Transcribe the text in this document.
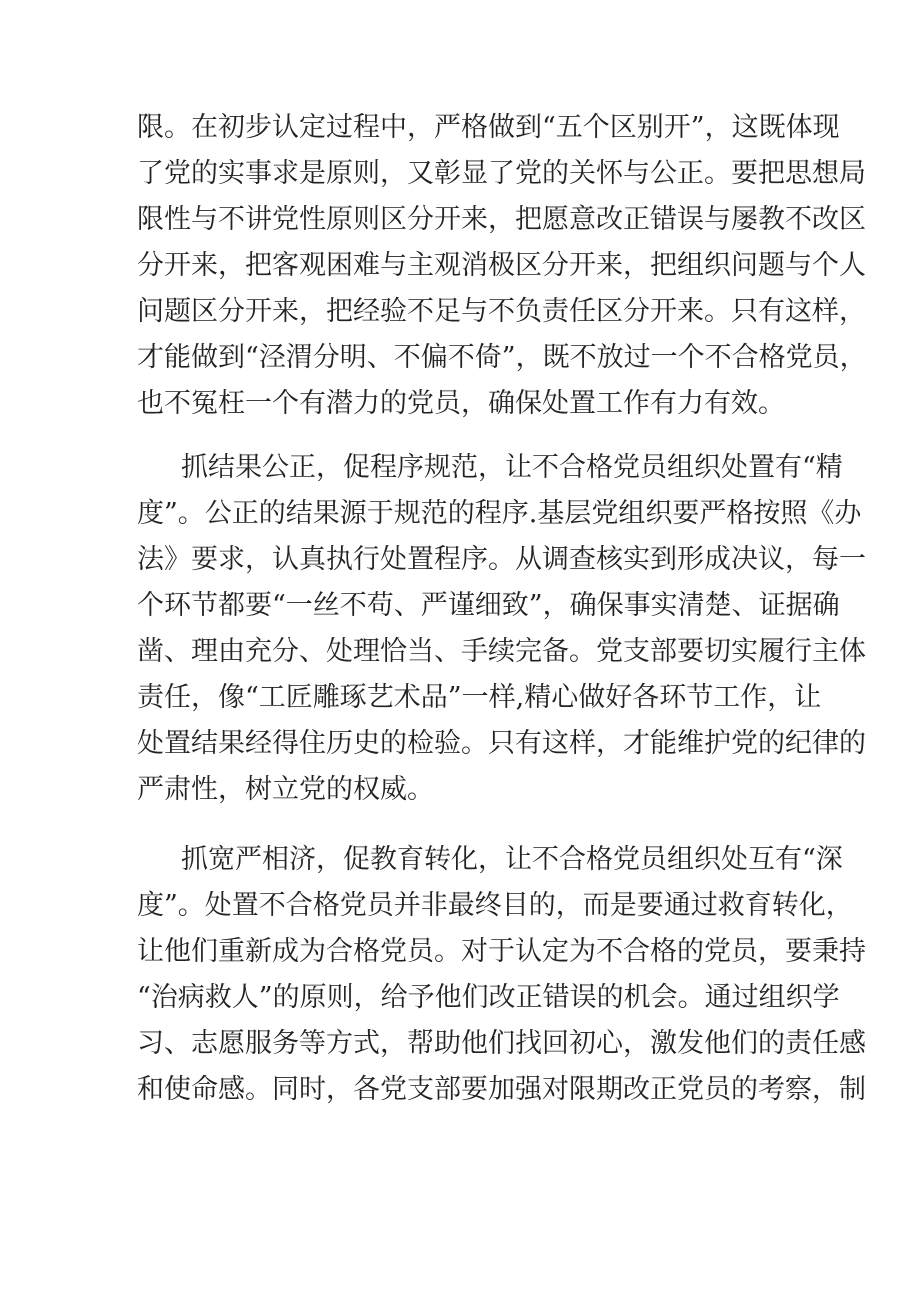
限。在初步认定过程中，严格做到“五个区别开”，这既体现
了党的实事求是原则，又彰显了党的关怀与公正。要把思想局
限性与不讲党性原则区分开来，把愿意改正错误与屡教不改区
分开来，把客观困难与主观消极区分开来，把组织问题与个人
问题区分开来，把经验不足与不负责任区分开来。只有这样，
才能做到“泾渭分明、不偏不倚”，既不放过一个不合格党员，
也不冤枉一个有潜力的党员，确保处置工作有力有效。
抓结果公正，促程序规范，让不合格党员组织处置有“精
度”。公正的结果源于规范的程序.基层党组织要严格按照《办
法》要求，认真执行处置程序。从调查核实到形成决议，每一
个环节都要“一丝不苟、严谨细致”，确保事实清楚、证据确
凿、理由充分、处理恰当、手续完备。党支部要切实履行主体
责任，像“工匠雕琢艺术品”一样,精心做好各环节工作，让
处置结果经得住历史的检验。只有这样，才能维护党的纪律的
严肃性，树立党的权威。
抓宽严相济，促教育转化，让不合格党员组织处互有“深
度”。处置不合格党员并非最终目的，而是要通过救育转化，
让他们重新成为合格党员。对于认定为不合格的党员，要秉持
“治病救人”的原则，给予他们改正错误的机会。通过组织学
习、志愿服务等方式，帮助他们找回初心，激发他们的责任感
和使命感。同时，各党支部要加强对限期改正党员的考察，制
